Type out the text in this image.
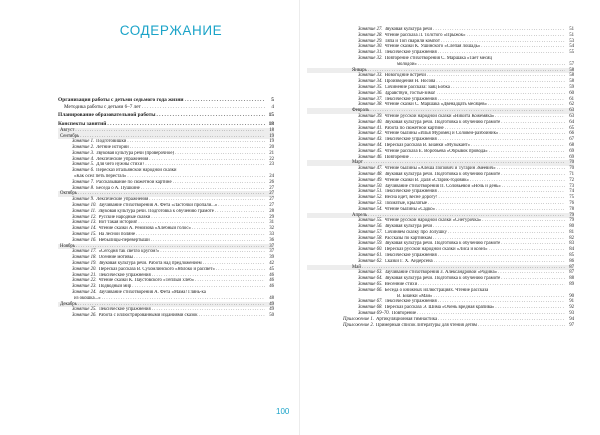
СОДЕРЖАНИЕ
Организация работы с детьми седьмого года жизни . . .	5
Методика работы с детьми 6–7 лет . . .	4
Планирование образовательной работы . . .	15
Конспекты занятий . . .	18
Август . . .	18
Сентябрь . . .	19
Занятие 1. Подготовишки . . .	19
Занятие 2. Летние истории . . .	20
Занятие 3. Звуковая культура речи (проверочное) . . .	21
Занятие 4. Лексические упражнения . . .	22
Занятие 5. Для чего нужны стихи? . . .	23
Занятие 6. Пересказ итальянской народной сказки
«Как осел петь перестал» . . .	24
Занятие 7. Рассказывание по сюжетной картине . . .	26
Занятие 8. Беседа о А. Пушкине . . .	27
Октябрь . . .	27
Занятие 9. Лексические упражнения . . .	27
Занятие 10. Заучивание стихотворения А. Фета «Ласточки пропали...» . . .	27
Занятие 11. Звуковая культура речи. Подготовка к обучению грамоте . . .	28
Занятие 12. Русские народные сказки . . .	29
Занятие 13. Вот такая история! . . .	31
Занятие 14. Чтение сказки А. Ремизова «Хлебный голос» . . .	32
Занятие 15. На лесной поляне . . .	33
Занятие 16. Небылицы-перевертыши . . .	36
Ноябрь . . .	37
Занятие 17. «Сегодня так светло кругом!» . . .	37
Занятие 18. Осенние мотивы . . .	39
Занятие 19. Звуковая культура речи. Работа над предложением . . .	42
Занятие 20. Пересказ рассказа В. Сухомлинского «Яблоко и рассвет» . . .	45
Занятие 21. Лексические упражнения . . .	46
Занятие 22. Чтение сказки К. Паустовского «Теплый хлеб» . . .	46
Занятие 23. Подводный мир . . .	46
Занятие 24. Заучивание стихотворения А. Фета «Мама! Глянь-ка
из окошка...» . . .	48
Декабрь . . .	49
Занятие 25. Лексические упражнения . . .	49
Занятие 26. Работа с иллюстрированными изданиями сказок . . .	50
Занятие 27. Звуковая культура речи . . .	51
Занятие 28. Чтение рассказа Л. Толстого «Прыжок» . . .	51
Занятие 29. Тяпа и Топ сварили компот . . .	53
Занятие 30. Чтение сказки К. Ушинского «Слепая лошадь» . . .	54
Занятие 31. Лексические упражнения . . .	55
Занятие 32. Повторение стихотворения С. Маршака «Тает месяц
молодой» . . .	57
Январь . . .	58
Занятие 33. Новогодние встречи . . .	58
Занятие 34. Произведения Н. Носова . . .	58
Занятие 35. Сочинение рассказа: заяц Бобка . . .	59
Занятие 36. Здравствуй, гостья-зима! . . .	60
Занятие 37. Лексические упражнения . . .	61
Занятие 38. Чтение сказки С. Маршака «Двенадцать месяцев» . . .	62
Февраль . . .	63
Занятие 39. Чтение русской народной сказки «Никита Кожемяка» . . .	63
Занятие 40. Звуковая культура речи. Подготовка к обучению грамоте . . .	64
Занятие 41. Работа по сюжетной картине . . .	65
Занятие 42. Чтение былины «Илья Муромец и Соловей-разбойник» . . .	66
Занятие 43. Лексические упражнения . . .	67
Занятие 44. Пересказ рассказа В. Бианки «Музыкант» . . .	68
Занятие 45. Чтение рассказа Е. Воробьева «Обрывок провода» . . .	69
Занятие 46. Повторение . . .	69
Март . . .	70
Занятие 47. Чтение былины «Алеша Попович и Тугарин Змеевич» . . .	70
Занятие 48. Звуковая культура речи. Подготовка к обучению грамоте . . .	71
Занятие 49. Чтение сказки В. Даля «Старик-годовик» . . .	72
Занятие 50. Заучивание стихотворения П. Соловьевой «Ночь и день» . . .	73
Занятие 51. Лексические упражнения . . .	74
Занятие 52. Весна идет, весне дорогу! . . .	75
Занятие 53. Лохматые, крылатые . . .	76
Занятие 54. Чтение былины «Садко» . . .	78
Апрель . . .	79
Занятие 55. Чтение русской народной сказки «Снегурочка» . . .	79
Занятие 56. Звуковая культура речи . . .	80
Занятие 57. Сочиняем сказку про Золушку . . .	81
Занятие 58. Рассказы по картинкам . . .	82
Занятие 59. Звуковая культура речи. Подготовка к обучению грамоте . . .	83
Занятие 60. Пересказ русской народной сказки «Лиса и козел» . . .	84
Занятие 61. Лексические упражнения . . .	85
Занятие 62. Сказки Г. Х. Андерсена . . .	86
Май . . .	87
Занятие 63. Заучивание стихотворения З. Александровой «Родина» . . .	87
Занятие 64. Звуковая культура речи. Подготовка к обучению грамоте . . .	88
Занятие 65. Весенние стихи . . .	89
Занятие 66. Беседа о книжных иллюстрациях. Чтение рассказа
В. Бианки «Май» . . .	90
Занятие 67. Лексические упражнения . . .	91
Занятие 68. Пересказ рассказа Э. Шима «Очень вредная крапива» . . .	92
Занятия 69–70. Повторение . . .	93
Приложение 1. Артикуляционная гимнастика . . .	94
Приложение 2. Примерный список литературы для чтения детям . . .	97
100
